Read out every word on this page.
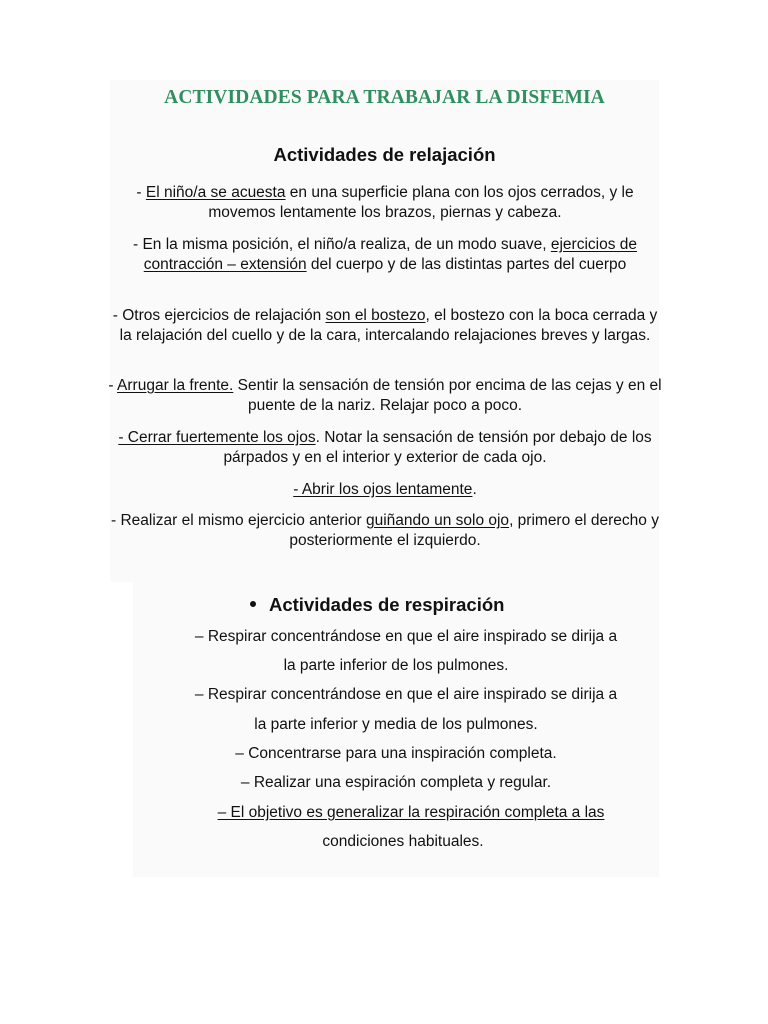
ACTIVIDADES PARA TRABAJAR LA DISFEMIA
Actividades de relajación

- El niño/a se acuesta en una superficie plana con los ojos cerrados, y le movemos lentamente los brazos, piernas y cabeza.

- En la misma posición, el niño/a realiza, de un modo suave, ejercicios de contracción – extensión del cuerpo y de las distintas partes del cuerpo

- Otros ejercicios de relajación son el bostezo, el bostezo con la boca cerrada y la relajación del cuello y de la cara, intercalando relajaciones breves y largas.

- Arrugar la frente. Sentir la sensación de tensión por encima de las cejas y en el puente de la nariz. Relajar poco a poco.

- Cerrar fuertemente los ojos. Notar la sensación de tensión por debajo de los párpados y en el interior y exterior de cada ojo.

- Abrir los ojos lentamente.

- Realizar el mismo ejercicio anterior guiñando un solo ojo, primero el derecho y posteriormente el izquierdo.

Actividades de respiración
– Respirar concentrándose en que el aire inspirado se dirija a
la parte inferior de los pulmones.
– Respirar concentrándose en que el aire inspirado se dirija a
la parte inferior y media de los pulmones.
– Concentrarse para una inspiración completa.
– Realizar una espiración completa y regular.
– El objetivo es generalizar la respiración completa a las
condiciones habituales.
